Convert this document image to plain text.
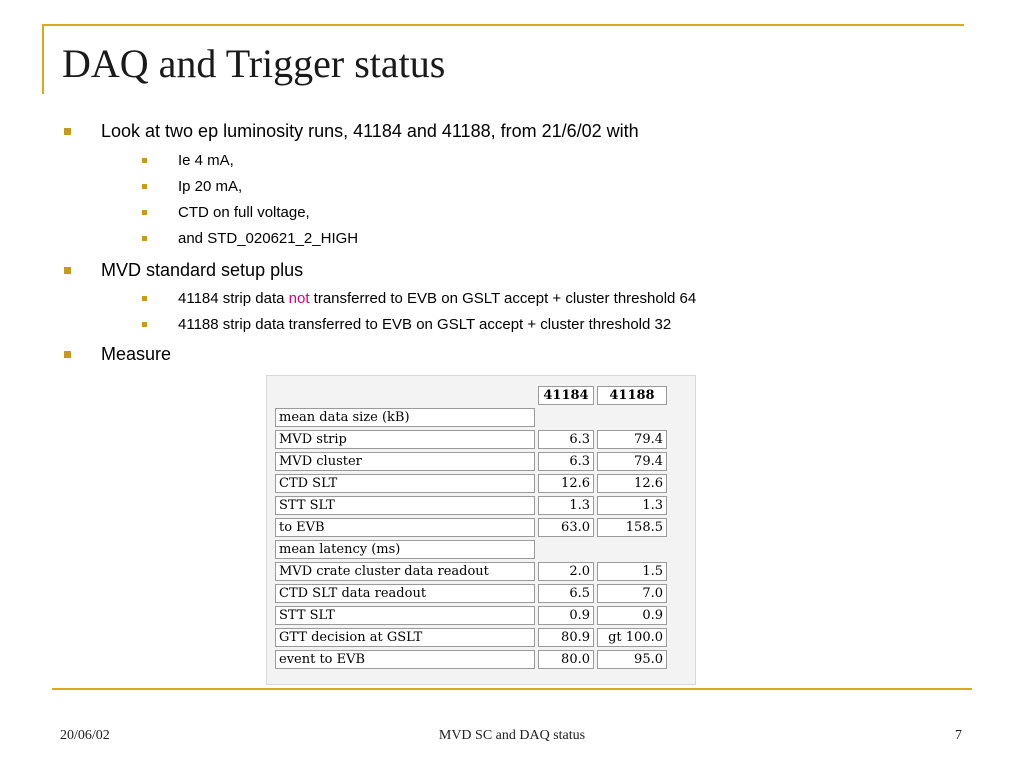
DAQ and Trigger status
Look at two ep luminosity runs, 41184 and 41188, from 21/6/02 with
Ie 4 mA,
Ip 20 mA,
CTD on full voltage,
and STD_020621_2_HIGH
MVD standard setup plus
41184 strip data not transferred to EVB on GSLT accept + cluster threshold 64
41188 strip data transferred to EVB on GSLT accept + cluster threshold 32
Measure
	41184	41188
mean data size (kB)		
MVD strip	6.3	79.4
MVD cluster	6.3	79.4
CTD SLT	12.6	12.6
STT SLT	1.3	1.3
to EVB	63.0	158.5
mean latency (ms)		
MVD crate cluster data readout	2.0	1.5
CTD SLT data readout	6.5	7.0
STT SLT	0.9	0.9
GTT decision at GSLT	80.9	gt 100.0
event to EVB	80.0	95.0
20/06/02	MVD SC and DAQ status	7
